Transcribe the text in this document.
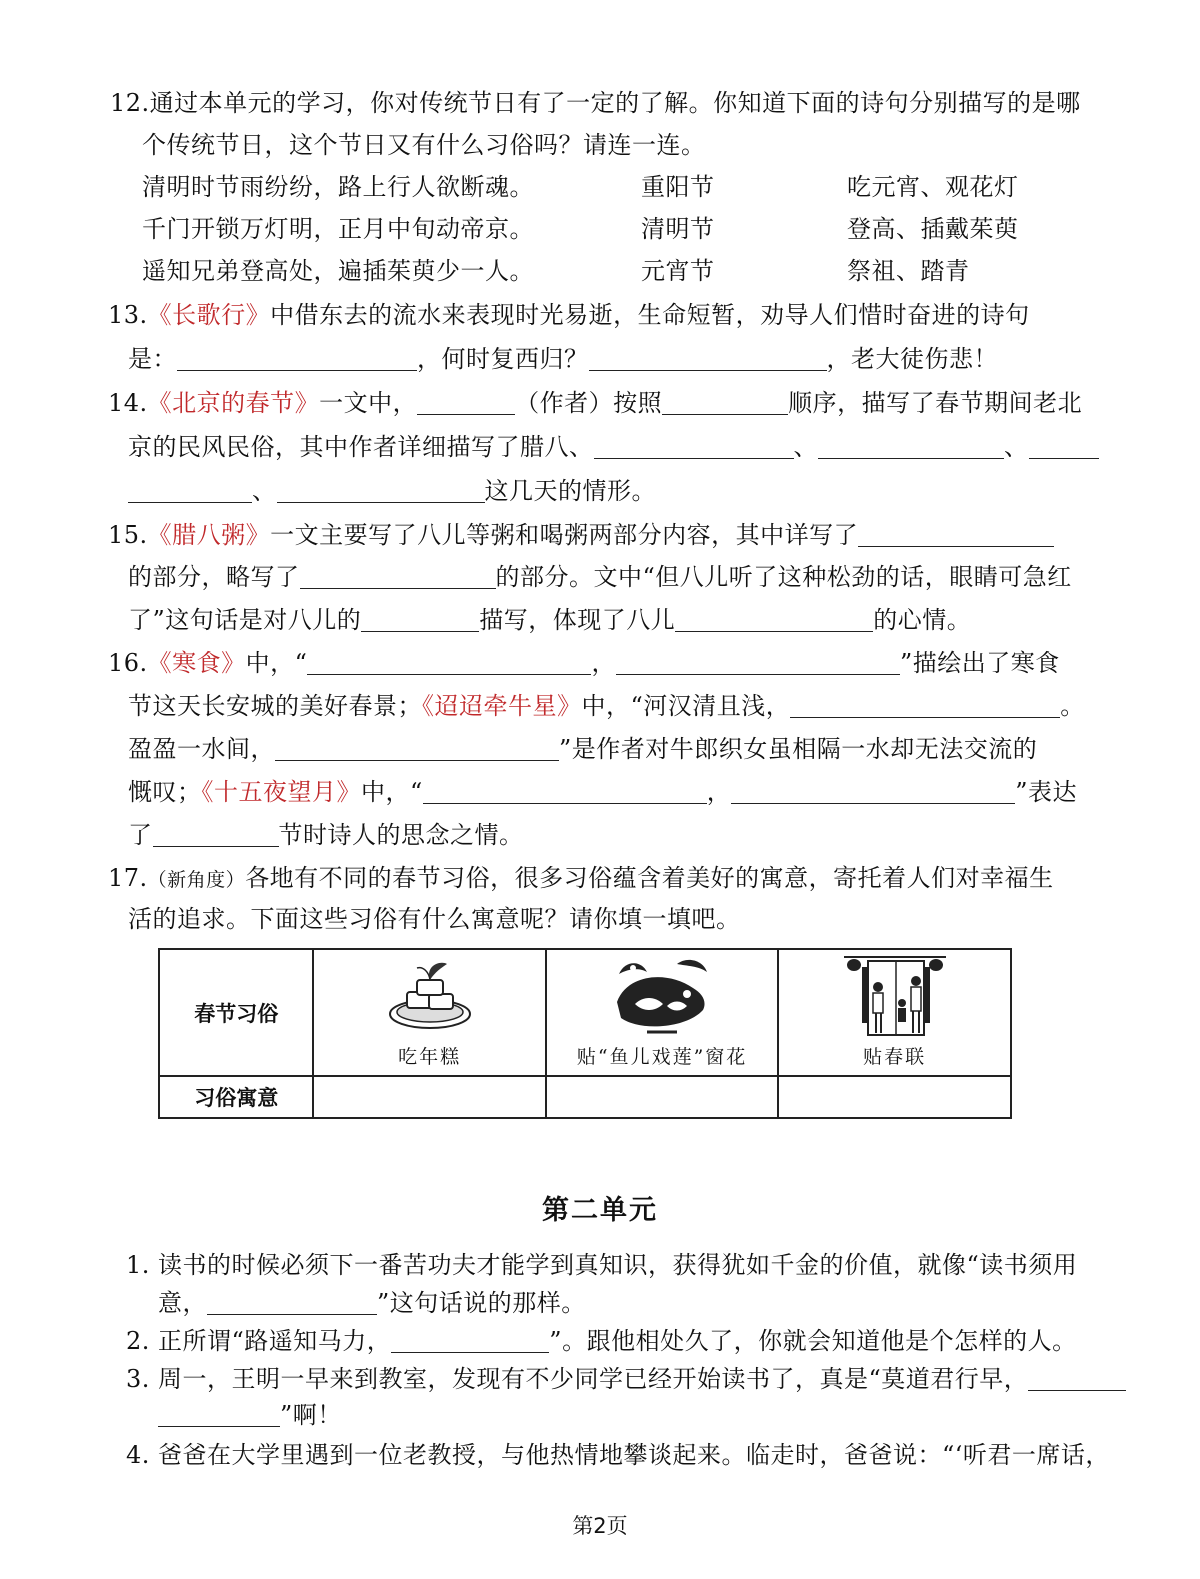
12.通过本单元的学习，你对传统节日有了一定的了解。你知道下面的诗句分别描写的是哪
个传统节日，这个节日又有什么习俗吗？请连一连。
清明时节雨纷纷，路上行人欲断魂。	重阳节	吃元宵、观花灯
千门开锁万灯明，正月中旬动帝京。	清明节	登高、插戴茱萸
遥知兄弟登高处，遍插茱萸少一人。	元宵节	祭祖、踏青
13.《长歌行》中借东去的流水来表现时光易逝，生命短暂，劝导人们惜时奋进的诗句
是：	，何时复西归？	，老大徒伤悲！
14.《北京的春节》一文中，	（作者）按照	顺序，描写了春节期间老北
京的民风民俗，其中作者详细描写了腊八、	、	、
、	这几天的情形。
15.《腊八粥》一文主要写了八儿等粥和喝粥两部分内容，其中详写了
的部分，略写了	的部分。文中“但八儿听了这种松劲的话，眼睛可急红
了”这句话是对八儿的	描写，体现了八儿	的心情。
16.《寒食》中，“	，	”描绘出了寒食
节这天长安城的美好春景；《迢迢牵牛星》中，“河汉清且浅，	。
盈盈一水间，	”是作者对牛郎织女虽相隔一水却无法交流的
慨叹；《十五夜望月》中，“	，	”表达
了	节时诗人的思念之情。
17.（新角度）各地有不同的春节习俗，很多习俗蕴含着美好的寓意，寄托着人们对幸福生
活的追求。下面这些习俗有什么寓意呢？请你填一填吧。
春节习俗	吃年糕	贴“鱼儿戏莲”窗花	贴春联

习俗寓意			
第二单元
1. 读书的时候必须下一番苦功夫才能学到真知识，获得犹如千金的价值，就像“读书须用
意，	”这句话说的那样。
2. 正所谓“路遥知马力，	”。跟他相处久了，你就会知道他是个怎样的人。
3. 周一，王明一早来到教室，发现有不少同学已经开始读书了，真是“莫道君行早，
”啊！
4. 爸爸在大学里遇到一位老教授，与他热情地攀谈起来。临走时，爸爸说：“‘听君一席话，
第2页
